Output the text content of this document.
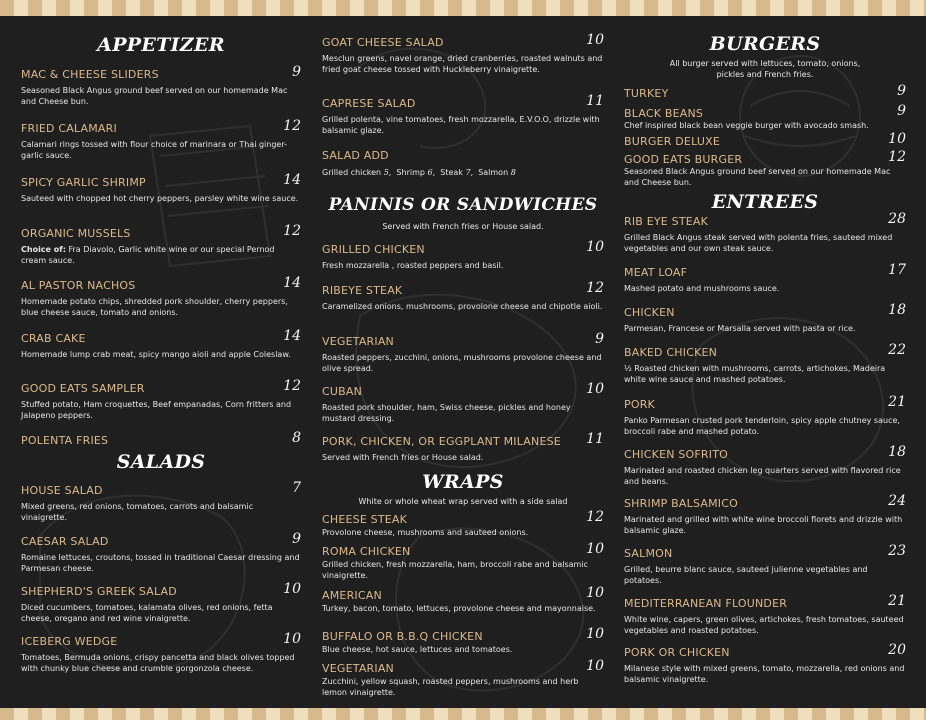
APPETIZER
MAC & CHEESE SLIDERS	9
Seasoned Black Angus ground beef served on our homemade Mac and Cheese bun.
FRIED CALAMARI	12
Calamari rings tossed with flour choice of marinara or Thai ginger-garlic sauce.
SPICY GARLIC SHRIMP	14
Sauteed with chopped hot cherry peppers, parsley white wine sauce.
ORGANIC MUSSELS	12
Choice of: Fra Diavolo, Garlic white wine or our special Pernod cream sauce.
AL PASTOR NACHOS	14
Homemade potato chips, shredded pork shoulder, cherry peppers, blue cheese sauce, tomato and onions.
CRAB CAKE	14
Homemade lump crab meat, spicy mango aioli and apple Coleslaw.
GOOD EATS SAMPLER	12
Stuffed potato, Ham croquettes, Beef empanadas, Corn fritters and Jalapeno peppers.
POLENTA FRIES	8
SALADS
HOUSE SALAD	7
Mixed greens, red onions, tomatoes, carrots and balsamic vinaigrette.
CAESAR SALAD	9
Romaine lettuces, croutons, tossed in traditional Caesar dressing and Parmesan cheese.
SHEPHERD'S GREEK SALAD	10
Diced cucumbers, tomatoes, kalamata olives, red onions, fetta cheese, oregano and red wine vinaigrette.
ICEBERG WEDGE	10
Tomatoes, Bermuda onions, crispy pancetta and black olives topped with chunky blue cheese and crumble gorgonzola cheese.
GOAT CHEESE SALAD	10
Mesclun greens, navel orange, dried cranberries, roasted walnuts and fried goat cheese tossed with Huckleberry vinaigrette.
CAPRESE SALAD	11
Grilled polenta, vine tomatoes, fresh mozzarella, E.V.O.O, drizzle with balsamic glaze.
SALAD ADD
Grilled chicken 5, Shrimp 6, Steak 7, Salmon 8
PANINIS OR SANDWICHES
Served with French fries or House salad.
GRILLED CHICKEN	10
Fresh mozzarella , roasted peppers and basil.
RIBEYE STEAK	12
Caramelized onions, mushrooms, provolone cheese and chipotle aioli.
VEGETARIAN	9
Roasted peppers, zucchini, onions, mushrooms provolone cheese and olive spread.
CUBAN	10
Roasted pork shoulder, ham, Swiss cheese, pickles and honey mustard dressing.
PORK, CHICKEN, OR EGGPLANT MILANESE	11
Served with French fries or House salad.
WRAPS
White or whole wheat wrap served with a side salad
CHEESE STEAK	12
Provolone cheese, mushrooms and sauteed onions.
ROMA CHICKEN	10
Grilled chicken, fresh mozzarella, ham, broccoli rabe and balsamic vinaigrette.
AMERICAN	10
Turkey, bacon, tomato, lettuces, provolone cheese and mayonnaise.
BUFFALO OR B.B.Q CHICKEN	10
Blue cheese, hot sauce, lettuces and tomatoes.
VEGETARIAN	10
Zucchini, yellow squash, roasted peppers, mushrooms and herb lemon vinaigrette.
BURGERS
All burger served with lettuces, tomato, onions, pickles and French fries.
TURKEY	9
BLACK BEANS	9
Chef inspired black bean veggie burger with avocado smash.
BURGER DELUXE	10
GOOD EATS BURGER	12
Seasoned Black Angus ground beef served on our homemade Mac and Cheese bun.
ENTREES
RIB EYE STEAK	28
Grilled Black Angus steak served with polenta fries, sauteed mixed vegetables and our own steak sauce.
MEAT LOAF	17
Mashed potato and mushrooms sauce.
CHICKEN	18
Parmesan, Francese or Marsalla served with pasta or rice.
BAKED CHICKEN	22
½ Roasted chicken with mushrooms, carrots, artichokes, Madeira white wine sauce and mashed potatoes.
PORK	21
Panko Parmesan crusted pork tenderloin, spicy apple chutney sauce, broccoli rabe and mashed potato.
CHICKEN SOFRITO	18
Marinated and roasted chicken leg quarters served with flavored rice and beans.
SHRIMP BALSAMICO	24
Marinated and grilled with white wine broccoli florets and drizzle with balsamic glaze.
SALMON	23
Grilled, beurre blanc sauce, sauteed julienne vegetables and potatoes.
MEDITERRANEAN FLOUNDER	21
White wine, capers, green olives, artichokes, fresh tomatoes, sauteed vegetables and roasted potatoes.
PORK OR CHICKEN	20
Milanese style with mixed greens, tomato, mozzarella, red onions and balsamic vinaigrette.
